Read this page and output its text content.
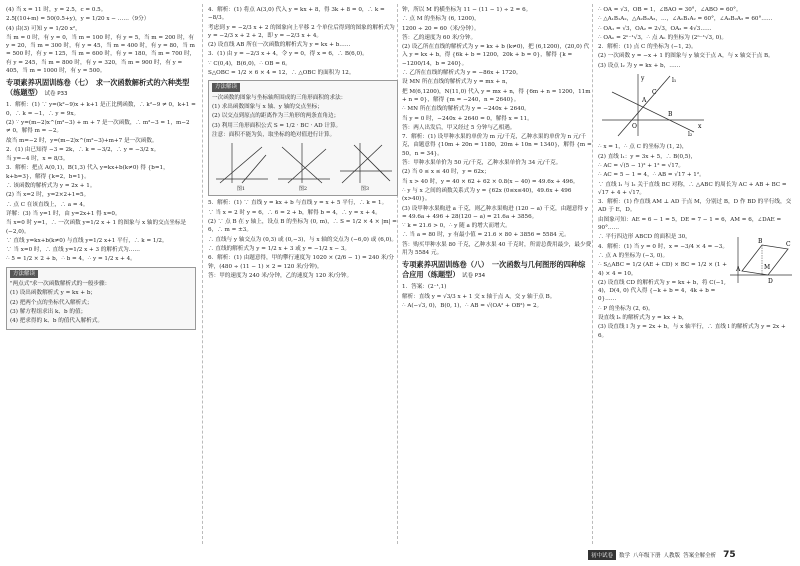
(4) 当 x = 11 时，y = 2.5，c = 0.5。

2.5[(10+m) = 50(0.5+y)，y = 1/20 x − ……（9分）

(4) 由(3) 可知 y = 1/20 x²，

当 m = 0 时，有 y = 0，当 m = 100 时，有 y = 5，当 m = 200 时，有 y = 20，当 m = 300 时，有 y = 45，当 m = 400 时，有 y = 80，当 m = 500 时，有 y = 125，当 m = 600 时，有 y = 180，当 m = 700 时，有 y = 245，当 m = 800 时，有 y = 320，当 m = 900 时，有 y = 405，当 m = 1000 时，有 y = 500。

专项素养巩固训练卷（七）　求一次函数解析式的六种类型（练题型） 试卷 P33

1．解析：(1) ∵ y=(k²−9)x + k+1 是正比例函数，∴ k²−9 ≠ 0，k+1 = 0，∴ k = −1，∴ y = 9x。

(2) ∵ y=(m−2)x^(m²−3) + m + 7 是一次函数，∴ m²−3 = 1，m−2 ≠ 0，解得 m = −2。

故当 m=−2 时，y=(m−2)x^(m²−3)+m+7 是一次函数。

2．(1) 由已知得 −3 = 2k，∴ k = −3/2，∴ y = −3/2 x。

当 y=−4 时，x = 8/3。

3．解析：把点 A(0,1)，B(1,3) 代入 y=kx+b(k≠0) 得 {b=1，k+b=3}，解得 {k=2，b=1}。

∴ 该函数的解析式为 y = 2x + 1。

(2) 当 x=2 时，y=2×2+1=5。

∴ 点 C 在该直线上，∴ a = 4。

详解：(3) 当 y=1 时，由 y=2x+1 得 x=0。

当 x=0 时 y=1，∴ 一次函数 y=1/2 x + 1 的图象与 x 轴的交点坐标是 (−2,0)。

∵ 直线 y=kx+b(k≠0) 与直线 y=1/2 x+1 平行，∴ k = 1/2。

∵ 当 x=0 时，∴ 直线 y=1/2 x + 3 的解析式为……

∴ 5 = 1/2 × 2 + b，∴ b = 4，∴ y = 1/2 x + 4。

方法解读

"两点式"求一次函数解析式的一般步骤：

(1) 设出函数解析式 y = kx + b；

(2) 把两个点的坐标代入解析式；

(3) 解方程组求出 k、b 的值；

(4) 把求得的 k、b 的值代入解析式。

4．解析：(1) 将点 A(3,0) 代入 y = kx + 8，得 3k + 8 = 0，∴ k = −8/3。

考虑到 y = −2/3 x + 2 的图象向上平移 2 个单位后得到的图象的解析式为 y = −2/3 x + 2 + 2，即 y = −2/3 x + 4。

(2) 设直线 AB 所在一次函数的解析式为 y = kx + b……

3．(1) 由 y = −2/3 x + 4，令 y = 0，得 x = 6，∴ B(6,0)。

∵ C(0,4)，B(6,0)，∴ OB = 6。

S△OBC = 1/2 × 6 × 4 = 12，∴ △OBC 的面积为 12。

方法解读

一次函数的图象与坐标轴所围成的三角形面积的求法：

(1) 求出函数图象与 x 轴、y 轴的交点坐标；

(2) 以交点到原点的距离作为三角形的两条直角边；

(3) 利用三角形面积公式 S = 1/2 · BC · AD 计算。

注意：面积不能为负，取坐标的绝对值进行计算。

图1	图2	图3

5．解析：(1) ∵ 直线 y = kx + b 与直线 y = x + 5 平行，∴ k = 1。

∵ 当 x = 2 时 y = 6，∴ 6 = 2 + b，解得 b = 4，∴ y = x + 4。

(2) ∵ 点 B 在 y 轴上，设点 B 的坐标为 (0, m)，∴ S = 1/2 × 4 × |m| = 6，∴ m = ±3。

∴ 直线与 y 轴交点为 (0,3) 或 (0,−3)，与 x 轴的交点为 (−6,0) 或 (6,0)。

∴ 直线的解析式为 y = 1/2 x + 3 或 y = −1/2 x − 3。

6．解析：(1) 由题意得，甲的攀行速度为 1020 × (2/6 − 1) = 240 米/分钟，(480 ÷ (11 − 1) × 2 = 120 米/分钟)。

答：甲的速度为 240 米/分钟，乙的速度为 120 米/分钟。

钟，所以 M 的横坐标为 11 − (11 − 1) ÷ 2 = 6。

∴ 点 M 的坐标为 (6, 1200)，

1200 ÷ 20 = 60（米/分钟）。

答：乙的速度为 60 米/分钟。

(2) 设乙所在直线的解析式为 y = kx + b (k≠0)，把 (6,1200)，(20,0) 代入 y = kx + b，得 {6k + b = 1200，20k + b = 0}，解得 {k = −1200/14，b = 240}。

∴ 乙所在直线的解析式为 y = −86x + 1720。

设 MN 所在直线的解析式为 y = mx + n，

把 M(6,1200)，N(11,0) 代入 y = mx + n，得 {6m + n = 1200，11m + n = 0}，解得 {m = −240，n = 2640}。

∴ MN 所在直线的解析式为 y = −240x + 2640。

当 y = 0 时，−240x + 2640 = 0，解得 x = 11。

答：两人出发后，甲又经过 5 分钟与乙相遇。

7．解析：(1) 设甲种水果的单价为 m 元/千克，乙种水果的单价为 n 元/千克，由题意得 {10m + 20n = 1180，20m + 10n = 1340}，解得 {m = 50，n = 34}。

答：甲种水果单价为 50 元/千克，乙种水果单价为 34 元/千克。

(2) 当 0 ≤ x ≤ 40 时，y = 62x；

当 x > 40 时，y = 40 × 62 + 62 × 0.8(x − 40) = 49.6x + 496。

∴ y 与 x 之间的函数关系式为 y = {62x (0≤x≤40)，49.6x + 496 (x>40)}。

(3) 设甲种水果购进 a 千克，则乙种水果购进 (120 − a) 千克，由题意得 y = 49.6a + 496 + 28(120 − a) = 21.6a + 3856。

∵ k = 21.6 > 0，∴ y 随 a 的增大而增大。

∴ 当 a = 80 时，y 有最小值 = 21.6 × 80 + 3856 = 5584 元。

答：购买甲种水果 80 千克，乙种水果 40 千克时，所需总费用最少，最少费用为 5584 元。

专项素养巩固训练卷（八）　一次函数与几何图形的四种综合应用（练题型） 试卷 P34

1．答案：(2⁻¹,1)

解析：直线 y = √3/3 x + 1 交 x 轴于点 A，交 y 轴于点 B。

∴ A(−√3, 0)，B(0, 1)，∴ AB = √(OA² + OB²) = 2。

∴ OA = √3，OB = 1，∠BAO = 30°，∠ABO = 60°。

∴ △A₁B₁A₂，△A₂B₂A₃，…，∠A₁B₁A₂ = 60°，∠A₂B₂A₃ = 60°……

∴ OA₁ = √3，OA₂ = 2√3，OA₃ = 4√3……

∴ OAₙ = 2ⁿ⁻¹√3，∴ 点 Aₙ 的坐标为 (2ⁿ⁻¹√3, 0)。

2．解析：(1) 点 C 的坐标为 (−1, 2)。

(2) 一次函数 y = −x + 1 的图象与 y 轴交于点 A，与 x 轴交于点 B。

(3) 设点 l₂ 为 y = kx + b，……

y
x
A
B
C
O
l₁
l₂

∴ x = 1，∴ 点 C 的坐标为 (1, 2)，

(2) 直线 l₁：y = 3x + 5，∴ B(0,5)，

∴ AC = √(5 − 1)² + 1² = √17。

∴ AC = 5 − 1 = 4，∴ AB = √17 + 1²。

∵ 直线 l₁ 与 l₂ 关于直线 BC 对称，∴ △ABC 的周长为 AC + AB + BC = √17 + 4 + √17。

3．解析：(1) 作直线 AM ⊥ AD 于点 M，分别过 B，D 作 BD 的平行线，交 AD 于 E，D。

由图象可知：AE = 6 − 1 = 5，DE = 7 − 1 = 6，AM = 6，∠DAE = 90°……

A
B	C
D
M

∴ 平行四边形 ABCD 的面积是 30，

4．解析：(1) 当 y = 0 时，x = −3/4 × 4 = −3。

∴ 点 A 的坐标为 (−3, 0)。

∴ S△ABC = 1/2 (AE + CD) × BC = 1/2 × (1 + 4) × 4 = 10。

(2) 设直线 CD 的解析式为 y = kx + b，将 C(−1, 4)，D(4, 0) 代入得 {−k + b = 4，4k + b = 0}……

∴ P 的坐标为 (2, 6)。

设直线 l₃ 的解析式为 y = kx + b，

(3) 设直线 l 为 y = 2x + b，与 x 轴平行，∴ 直线 l 的解析式为 y = 2x + 6。

初中试卷	数学 八年级下册 人教版 答案全解全析 75
